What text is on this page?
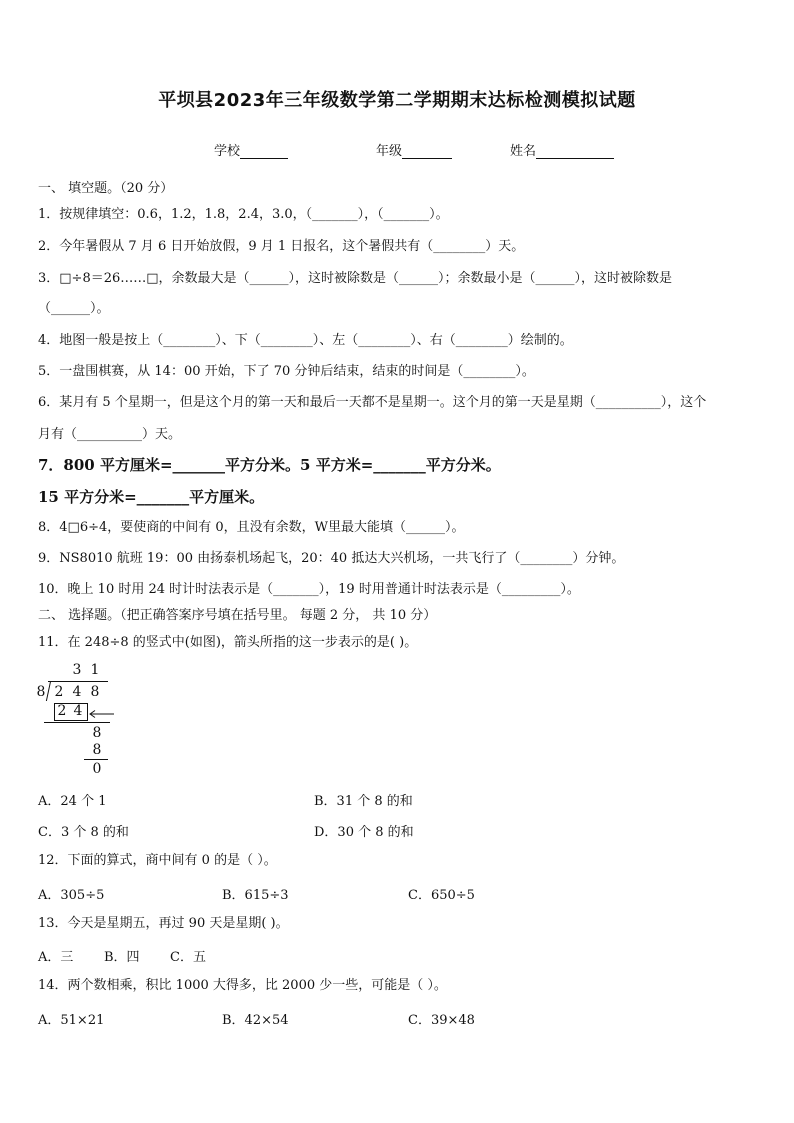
平坝县2023年三年级数学第二学期期末达标检测模拟试题
学校	年级	姓名
一、 填空题。（20 分）
1．按规律填空：0.6，1.2，1.8，2.4，3.0，（_______），（_______）。
2．今年暑假从 7 月 6 日开始放假，9 月 1 日报名，这个暑假共有（________）天。
3．□÷8＝26……□，余数最大是（______），这时被除数是（______）；余数最小是（______），这时被除数是
（______）。
4．地图一般是按上（________）、下（________）、左（________）、右（________）绘制的。
5．一盘围棋赛，从 14：00 开始，下了 70 分钟后结束，结束的时间是（________）。
6．某月有 5 个星期一，但是这个月的第一天和最后一天都不是星期一。这个月的第一天是星期（__________），这个
月有（__________）天。
7．800 平方厘米=_______平方分米。5 平方米=_______平方分米。
15 平方分米=_______平方厘米。
8．4□6÷4，要使商的中间有 0，且没有余数，W里最大能填（______）。
9．NS8010 航班 19：00 由扬泰机场起飞，20：40 抵达大兴机场，一共飞行了（________）分钟。
10．晚上 10 时用 24 时计时法表示是（_______），19 时用普通计时法表示是（_________）。
二、 选择题。（把正确答案序号填在括号里。 每题 2 分， 共 10 分）
11．在 248÷8 的竖式中(如图)，箭头所指的这一步表示的是( )。
3 1
8 2 4 8
2 4
8
8
0
A．24 个 1	B．31 个 8 的和
C．3 个 8 的和	D．30 个 8 的和
12．下面的算式，商中间有 0 的是（ ）。
A．305÷5	B．615÷3	C．650÷5
13．今天是星期五，再过 90 天是星期( )。
A．三 B．四 C．五
14．两个数相乘，积比 1000 大得多，比 2000 少一些，可能是（ ）。
A．51×21	B．42×54	C．39×48
